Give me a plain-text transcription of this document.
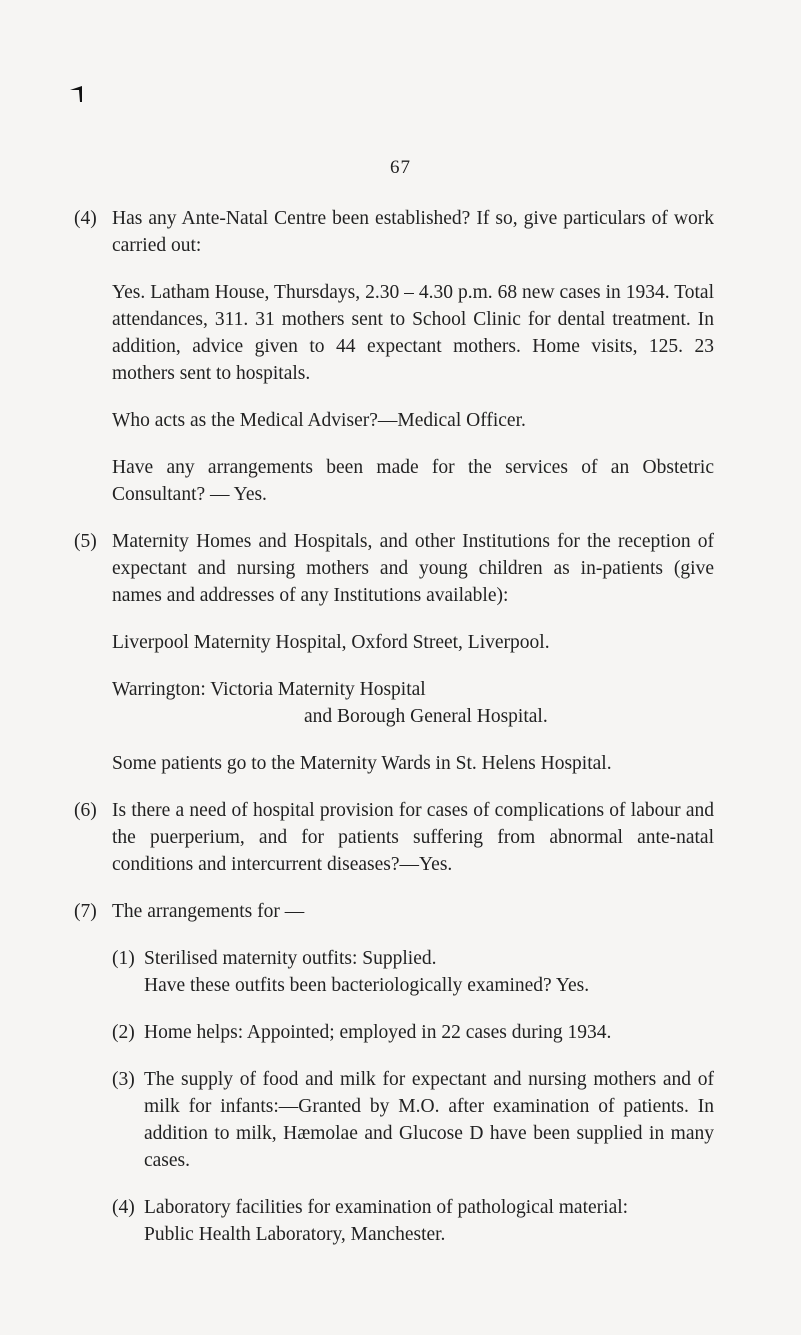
67
(4) Has any Ante-Natal Centre been established? If so, give particulars of work carried out:
Yes. Latham House, Thursdays, 2.30 – 4.30 p.m. 68 new cases in 1934. Total attendances, 311. 31 mothers sent to School Clinic for dental treatment. In addition, advice given to 44 expectant mothers. Home visits, 125. 23 mothers sent to hospitals.
Who acts as the Medical Adviser?—Medical Officer.
Have any arrangements been made for the services of an Obstetric Consultant? — Yes.
(5) Maternity Homes and Hospitals, and other Institutions for the reception of expectant and nursing mothers and young children as in-patients (give names and addresses of any Institutions available):
Liverpool Maternity Hospital, Oxford Street, Liverpool.
Warrington: Victoria Maternity Hospital
and Borough General Hospital.
Some patients go to the Maternity Wards in St. Helens Hospital.
(6) Is there a need of hospital provision for cases of complications of labour and the puerperium, and for patients suffering from abnormal ante-natal conditions and intercurrent diseases?—Yes.
(7) The arrangements for —
(1) Sterilised maternity outfits: Supplied.
Have these outfits been bacteriologically examined? Yes.
(2) Home helps: Appointed; employed in 22 cases during 1934.
(3) The supply of food and milk for expectant and nursing mothers and of milk for infants:—Granted by M.O. after examination of patients. In addition to milk, Hæmolae and Glucose D have been supplied in many cases.
(4) Laboratory facilities for examination of pathological material:
Public Health Laboratory, Manchester.
